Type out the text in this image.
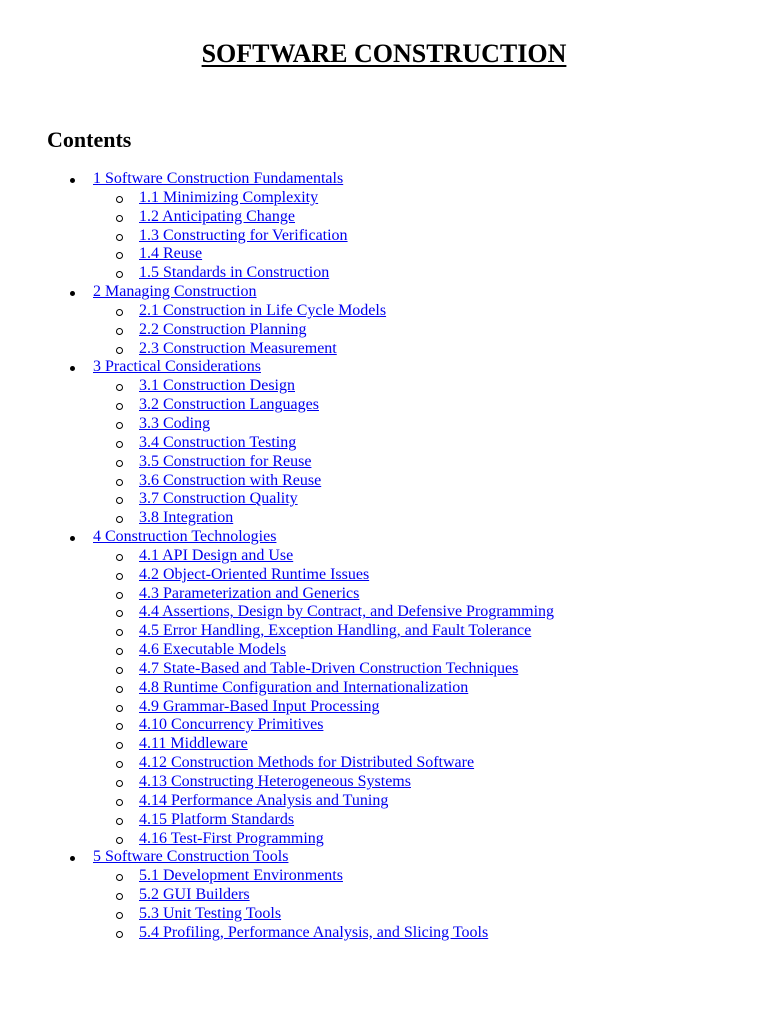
SOFTWARE CONSTRUCTION
Contents
1 Software Construction Fundamentals
1.1 Minimizing Complexity
1.2 Anticipating Change
1.3 Constructing for Verification
1.4 Reuse
1.5 Standards in Construction
2 Managing Construction
2.1 Construction in Life Cycle Models
2.2 Construction Planning
2.3 Construction Measurement
3 Practical Considerations
3.1 Construction Design
3.2 Construction Languages
3.3 Coding
3.4 Construction Testing
3.5 Construction for Reuse
3.6 Construction with Reuse
3.7 Construction Quality
3.8 Integration
4 Construction Technologies
4.1 API Design and Use
4.2 Object-Oriented Runtime Issues
4.3 Parameterization and Generics
4.4 Assertions, Design by Contract, and Defensive Programming
4.5 Error Handling, Exception Handling, and Fault Tolerance
4.6 Executable Models
4.7 State-Based and Table-Driven Construction Techniques
4.8 Runtime Configuration and Internationalization
4.9 Grammar-Based Input Processing
4.10 Concurrency Primitives
4.11 Middleware
4.12 Construction Methods for Distributed Software
4.13 Constructing Heterogeneous Systems
4.14 Performance Analysis and Tuning
4.15 Platform Standards
4.16 Test-First Programming
5 Software Construction Tools
5.1 Development Environments
5.2 GUI Builders
5.3 Unit Testing Tools
5.4 Profiling, Performance Analysis, and Slicing Tools
